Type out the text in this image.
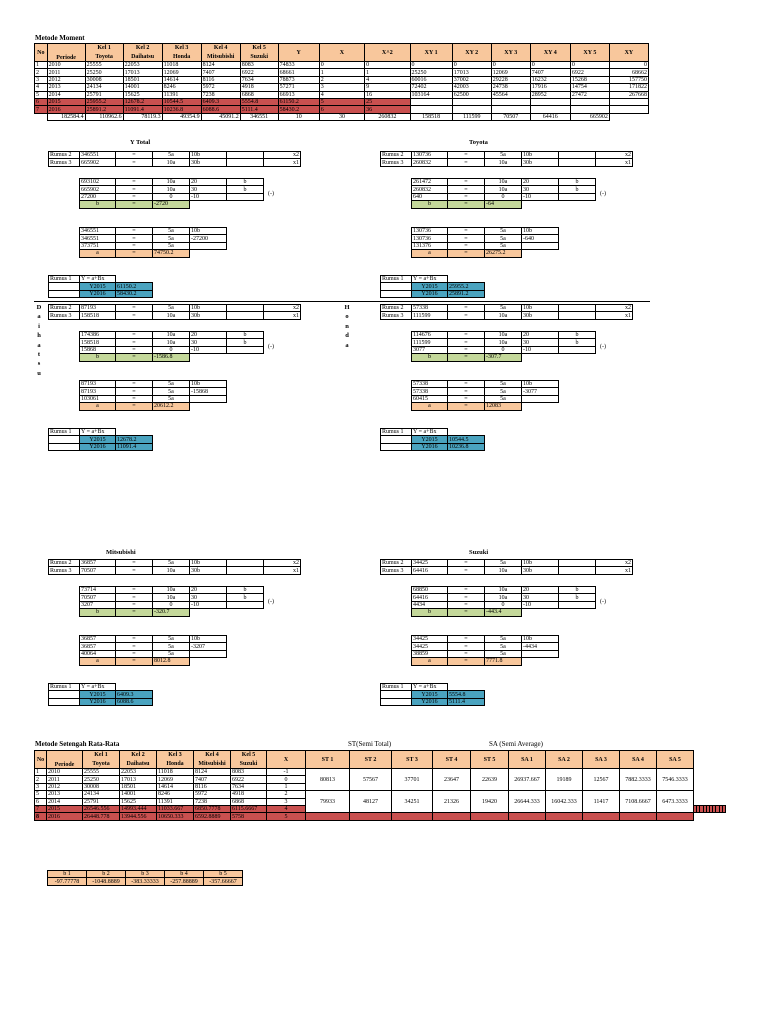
Metode Moment
No	Periode	Kel 1	Kel 2	Kel 3	Kel 4	Kel 5	Y	X	X^2	XY 1	XY 2	XY 3	XY 4	XY 5	XY
		Toyota	Daihatsu	Honda	Mitsubishi	Suzuki									
1	2010	25555	22053	11018	8124	8083	74833	0	0	0	0	0	0	0	0
2	2011	25250	17013	12069	7407	6922	68661	1	1	25250	17013	12069	7407	6922	68662
3	2012	30008	18501	14614	8116	7634	78873	2	4	60016	37002	29228	16232	15268	157750
4	2013	24134	14001	8246	5972	4918	57271	3	9	72402	42003	24738	17916	14754	171822
5	2014	25791	15625	11391	7238	6868	66913	4	16	103164	62500	45564	28952	27472	267668
6	2015	25955.2	12678.2	10544.5	6409.3	5554.8	61150.2	5	25						
7	2016	25891.2	11091.4	10236.8	6088.6	5111.4	58430.2	6	36						
	182584.4	110962.6	78119.3	49354.9	45091.2	346551	10	30	260832	158518	111599	70507	64416	665902	
Y Total	Toyota
Rumus 2	346551	=	5a	10b		x2
Rumus 3	665902	=	10a	30b		x1
693102	=	10a	20	b
665902	=	10a	30	b
27200	=	0	-10	
b	=	-2720		
(-)
346551	=	5a	10b
346551	=	5a	-27200
373751	=	5a	
a	=	74750.2	
Rumus 1	Y = a+Bx	
	Y2015	61150.2
	Y2016	58430.2
Rumus 2	130736	=	5a	10b		x2
Rumus 3	260832	=	10a	30b		x1
261472	=	10a	20	b
260832	=	10a	30	b
640	=	0	-10	
b	=	-64		
(-)
130736	=	5a	10b
130736	=	5a	-640
131376	=	5a	
a	=	26275.2	
Rumus 1	Y = a+Bx	
	Y2015	25955.2
	Y2016	25891.2
Rumus 2	87193	=	5a	10b		x2
Rumus 3	158518	=	10a	30b		x1
174386	=	10a	20	b
158518	=	10a	30	b
15868	=	0	-10	
b	=	-1586.8		
(-)
87193	=	5a	10b
87193	=	5a	-15868
103061	=	5a	
a	=	20612.2	
Rumus 1	Y = a+Bx	
	Y2015	12678.2
	Y2016	11091.4
Rumus 2	57338	=	5a	10b		x2
Rumus 3	111599	=	10a	30b		x1
114676	=	10a	20	b
111599	=	10a	30	b
3077	=	0	-10	
b	=	-307.7		
(-)
57338	=	5a	10b
57338	=	5a	-3077
60415	=	5a	
a	=	12083	
Rumus 1	Y = a+Bx	
	Y2015	10544.5
	Y2016	10236.8
D
a
i
h
a
t
s
u
H
o
n
d
a
Mitsubishi	Suzuki
Rumus 2	36857	=	5a	10b		x2
Rumus 3	70507	=	10a	30b		x1
73714	=	10a	20	b
70507	=	10a	30	b
3207	=	0	-10	
b	=	-320.7		
(-)
36857	=	5a	10b
36857	=	5a	-3207
40064	=	5a	
a	=	8012.8	
Rumus 1	Y = a+Bx	
	Y2015	6409.3
	Y2016	6088.6
Rumus 2	34425	=	5a	10b		x2
Rumus 3	64416	=	10a	30b		x1
68850	=	10a	20	b
64416	=	10a	30	b
4434	=	0	-10	
b	=	-443.4		
(-)
34425	=	5a	10b
34425	=	5a	-4434
38859	=	5a	
a	=	7771.8	
Rumus 1	Y = a+Bx	
	Y2015	5554.8
	Y2016	5111.4
Metode Setengah Rata-Rata	ST(Semi Total)	SA (Semi Average)
No	Periode	Kel 1	Kel 2	Kel 3	Kel 4	Kel 5	X	ST 1	ST 2	ST 3	ST 4	ST 5	SA 1	SA 2	SA 3	SA 4	SA 5										
		Toyota	Daihatsu	Honda	Mitsubishi	Suzuki																					
1	2010	25555	22053	11018	8124	8083	-1	80813	57567	37701	23647	22639	26937.667	19189	12567	7882.3333	7546.3333										
2	2011	25250	17013	12069	7407	6922	0																				
3	2012	30008	18501	14614	8116	7634	1																				
5	2013	24134	14001	8246	5972	4918	2	79933	48127	34251	21326	19420	26644.333	16042.333	11417	7108.6667	6473.3333										
6	2014	25791	15625	11391	7238	6868	3																				
7	2015	26546.556	14993.444	11033.667	6850.7778	6115.6667	4																				
8	2016	26448.778	13944.556	10650.333	6592.8889	5758	5																				
b 1	b 2	b 3	b 4	b 5
-97.77778	-1048.8889	-383.33333	-257.88889	-357.66667
